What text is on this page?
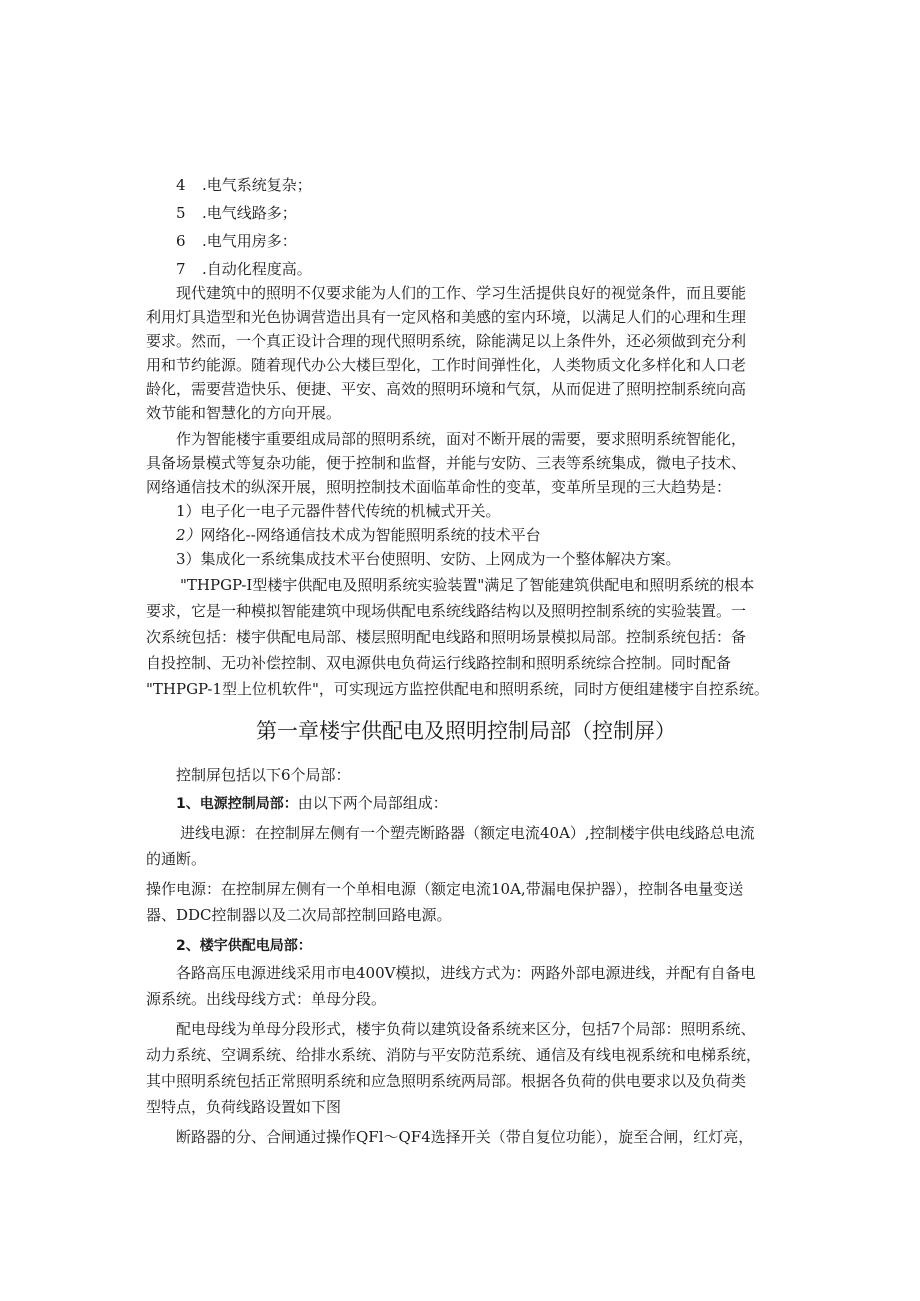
4 .电气系统复杂；
5 .电气线路多；
6 .电气用房多：
7 .自动化程度高。
现代建筑中的照明不仅要求能为人们的工作、学习生活提供良好的视觉条件，而且要能
利用灯具造型和光色协调营造出具有一定风格和美感的室内环境，以满足人们的心理和生理
要求。然而，一个真正设计合理的现代照明系统，除能满足以上条件外，还必须做到充分利
用和节约能源。随着现代办公大楼巨型化，工作时间弹性化，人类物质文化多样化和人口老
龄化，需要营造快乐、便捷、平安、高效的照明环境和气氛，从而促进了照明控制系统向高
效节能和智慧化的方向开展。
作为智能楼宇重要组成局部的照明系统，面对不断开展的需要，要求照明系统智能化，
具备场景模式等复杂功能，便于控制和监督，并能与安防、三表等系统集成，微电子技术、
网络通信技术的纵深开展，照明控制技术面临革命性的变革，变革所呈现的三大趋势是：
1）电子化一电子元器件替代传统的机械式开关。
2）网络化--网络通信技术成为智能照明系统的技术平台
3）集成化一系统集成技术平台使照明、安防、上网成为一个整体解决方案。
"THPGP-I型楼宇供配电及照明系统实验装置"满足了智能建筑供配电和照明系统的根本
要求，它是一种模拟智能建筑中现场供配电系统线路结构以及照明控制系统的实验装置。一
次系统包括：楼宇供配电局部、楼层照明配电线路和照明场景模拟局部。控制系统包括：备
自投控制、无功补偿控制、双电源供电负荷运行线路控制和照明系统综合控制。同时配备
"THPGP-1型上位机软件"，可实现远方监控供配电和照明系统，同时方便组建楼宇自控系统。
第一章楼宇供配电及照明控制局部（控制屏）
控制屏包括以下6个局部：
1、电源控制局部：由以下两个局部组成：
进线电源：在控制屏左侧有一个塑壳断路器（额定电流40A）,控制楼宇供电线路总电流
的通断。
操作电源：在控制屏左侧有一个单相电源（额定电流10A,带漏电保护器），控制各电量变送
器、DDC控制器以及二次局部控制回路电源。
2、楼宇供配电局部：
各路高压电源进线采用市电400V模拟，进线方式为：两路外部电源进线，并配有自备电
源系统。出线母线方式：单母分段。
配电母线为单母分段形式，楼宇负荷以建筑设备系统来区分，包括7个局部：照明系统、
动力系统、空调系统、给排水系统、消防与平安防范系统、通信及有线电视系统和电梯系统，
其中照明系统包括正常照明系统和应急照明系统两局部。根据各负荷的供电要求以及负荷类
型特点，负荷线路设置如下图
断路器的分、合闸通过操作QFl～QF4选择开关（带自复位功能），旋至合闸，红灯亮，
